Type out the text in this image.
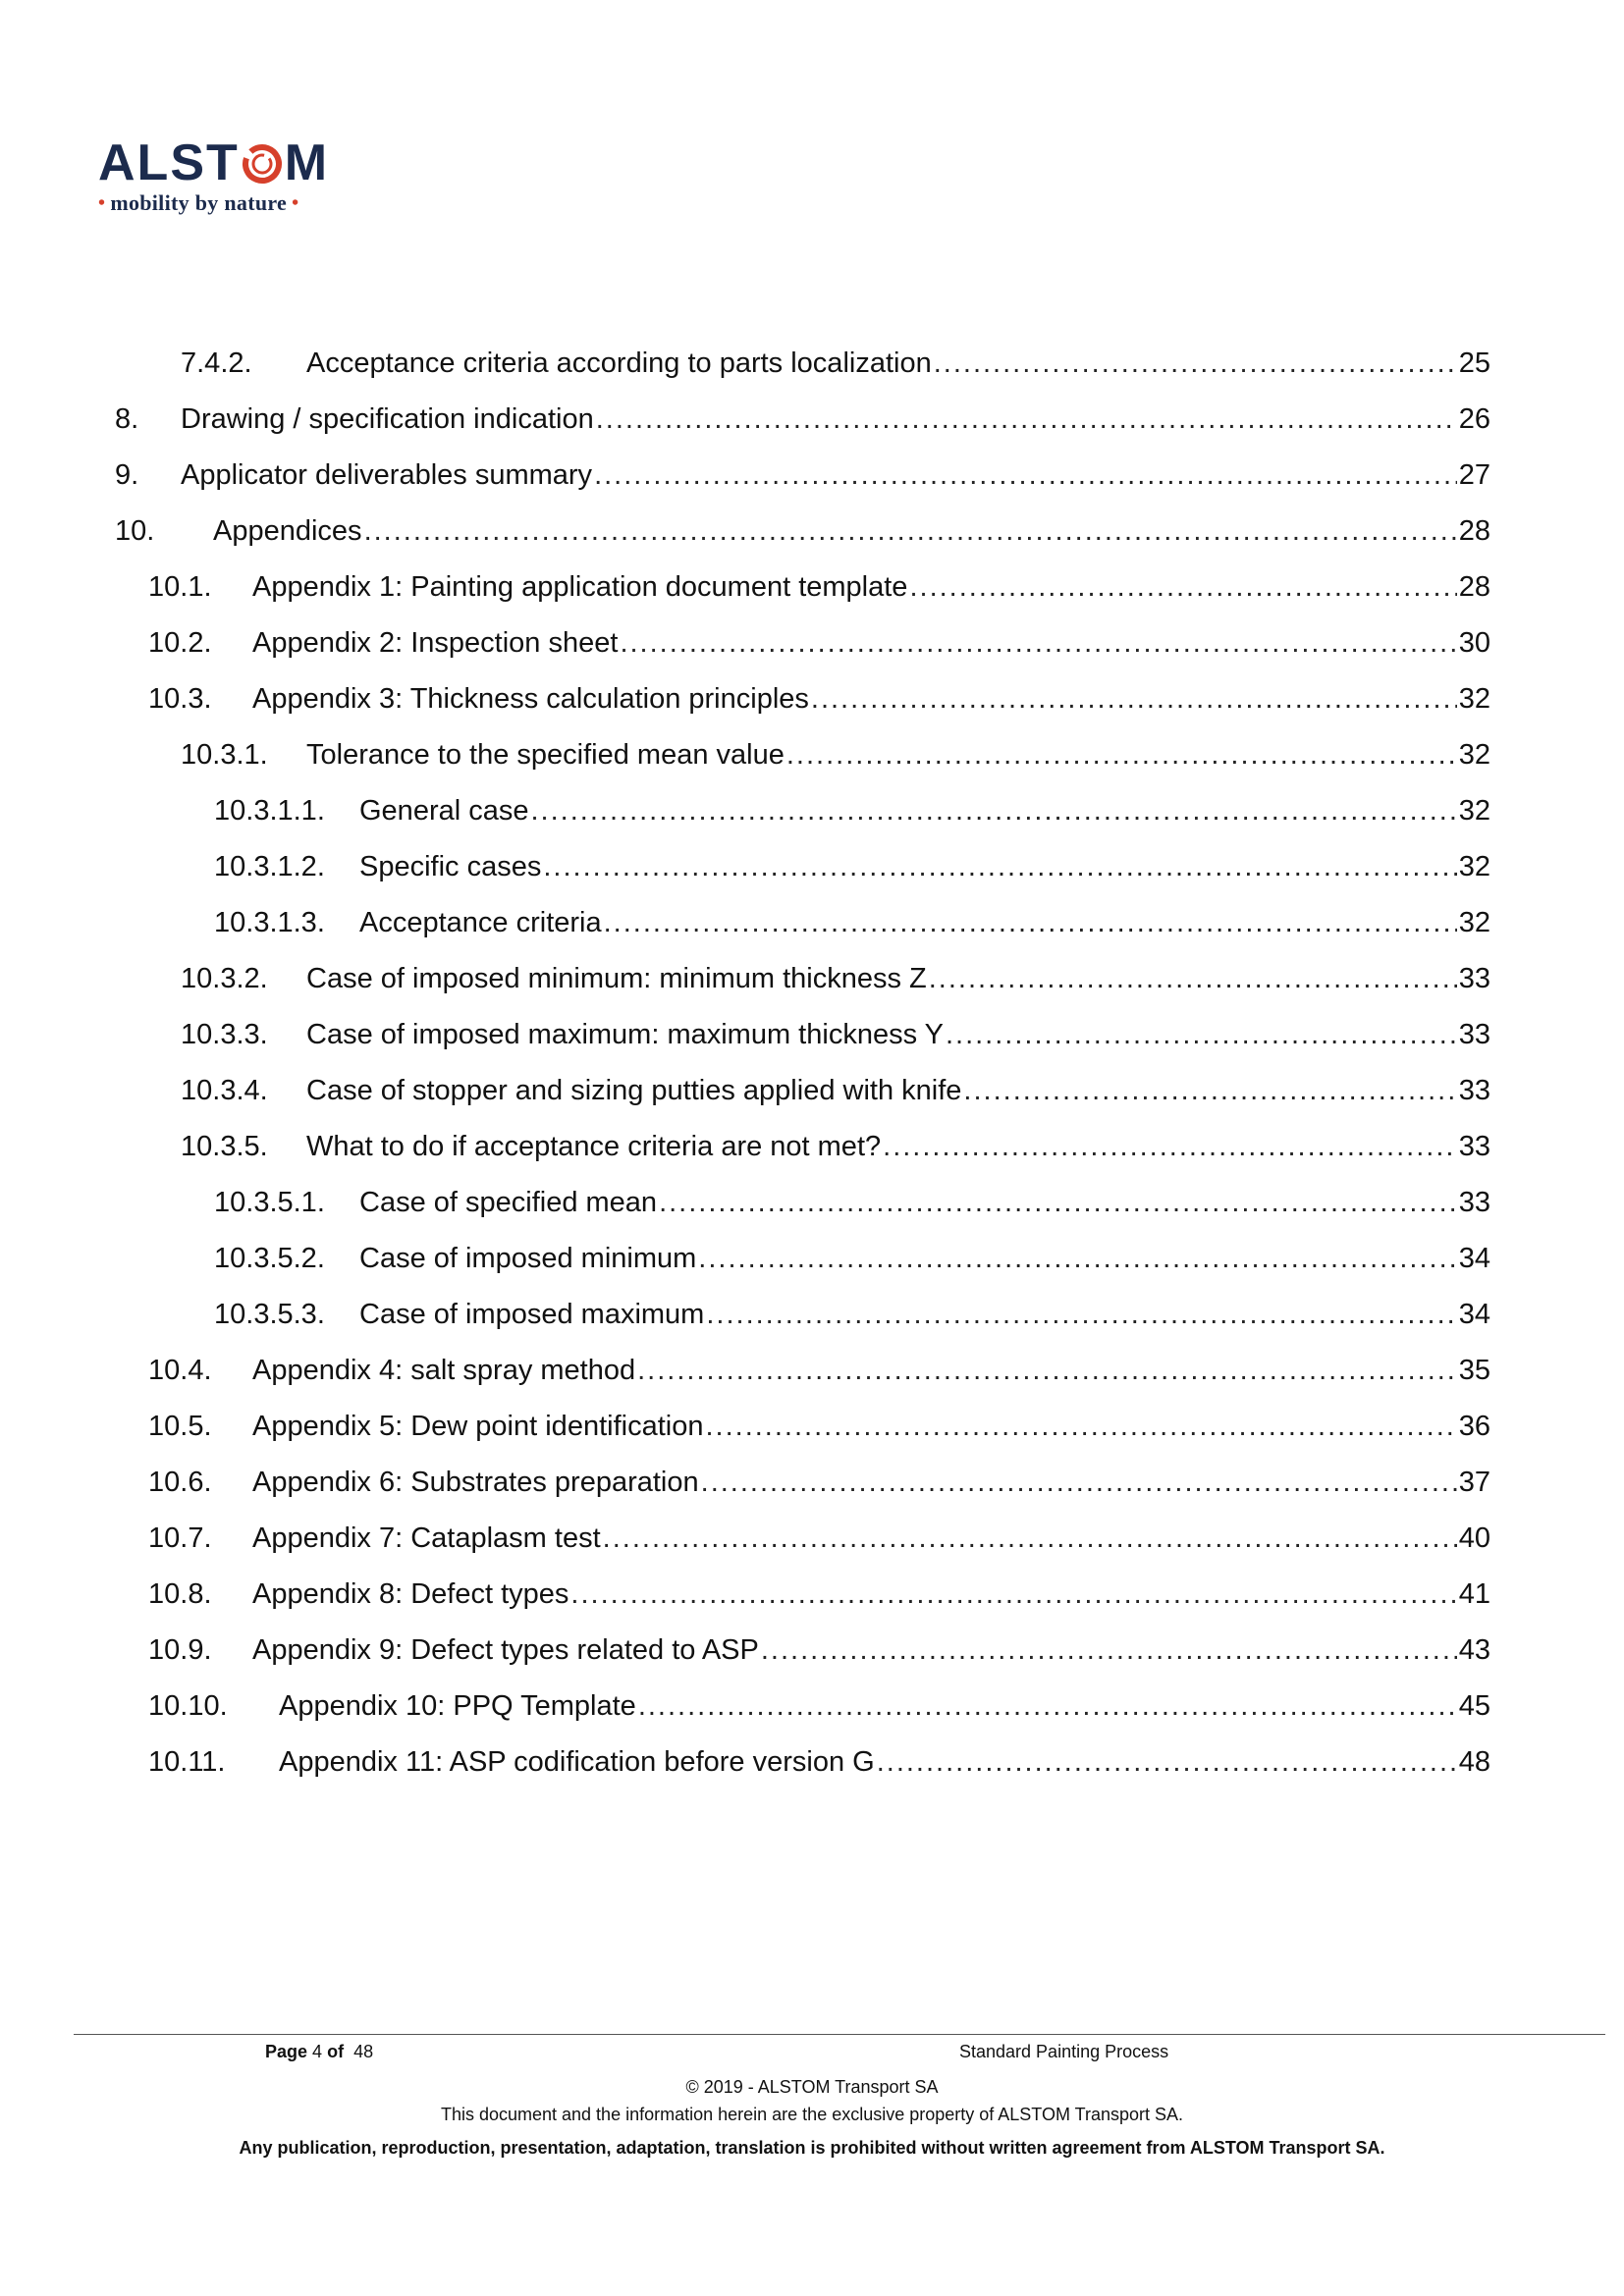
ALST M
• mobility by nature •
7.4.2. Acceptance criteria according to parts localization .....	25
8. Drawing / specification indication .....	26
9. Applicator deliverables summary .....	27
10. Appendices .....	28
10.1. Appendix 1: Painting application document template .....	28
10.2. Appendix 2: Inspection sheet .....	30
10.3. Appendix 3: Thickness calculation principles .....	32
10.3.1. Tolerance to the specified mean value .....	32
10.3.1.1. General case .....	32
10.3.1.2. Specific cases .....	32
10.3.1.3. Acceptance criteria .....	32
10.3.2. Case of imposed minimum: minimum thickness Z .....	33
10.3.3. Case of imposed maximum: maximum thickness Y .....	33
10.3.4. Case of stopper and sizing putties applied with knife .....	33
10.3.5. What to do if acceptance criteria are not met? .....	33
10.3.5.1. Case of specified mean .....	33
10.3.5.2. Case of imposed minimum .....	34
10.3.5.3. Case of imposed maximum .....	34
10.4. Appendix 4: salt spray method .....	35
10.5. Appendix 5: Dew point identification .....	36
10.6. Appendix 6: Substrates preparation .....	37
10.7. Appendix 7: Cataplasm test .....	40
10.8. Appendix 8: Defect types .....	41
10.9. Appendix 9: Defect types related to ASP .....	43
10.10. Appendix 10: PPQ Template .....	45
10.11. Appendix 11: ASP codification before version G .....	48
Page 4 of 48	Standard Painting Process
© 2019 - ALSTOM Transport SA
This document and the information herein are the exclusive property of ALSTOM Transport SA.
Any publication, reproduction, presentation, adaptation, translation is prohibited without written agreement from ALSTOM Transport SA.
